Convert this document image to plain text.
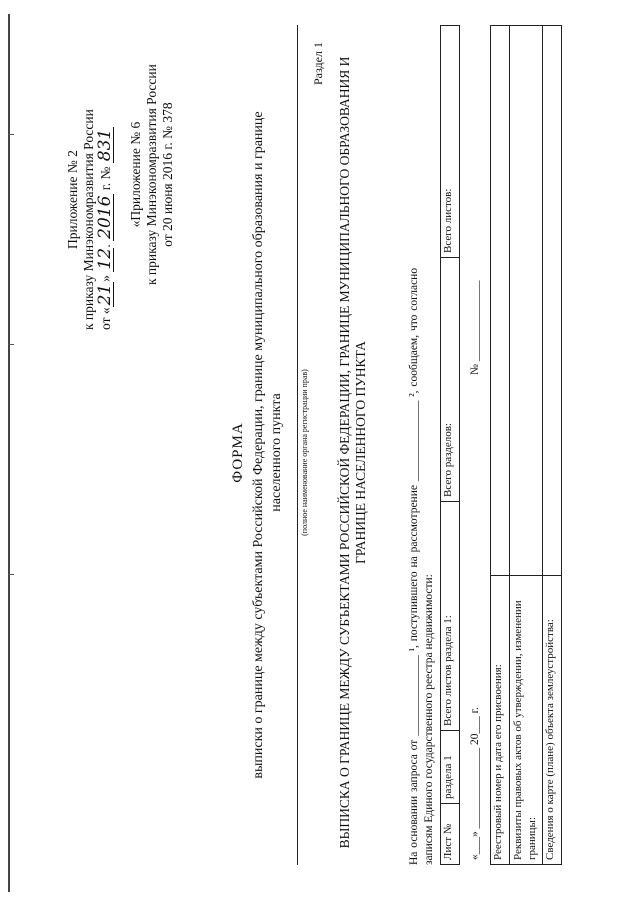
Приложение № 2 к приказу Минэкономразвития России от «21» 12. 2016 г. № 831 «Приложение № 6 к приказу Минэкономразвития России от 20 июня 2016 г. № 378
ФОРМА выписки о границе между субъектами Российской Федерации, границе муниципального образования и границе населенного пункта (полное наименование органа регистрации прав)
Раздел 1 ВЫПИСКА О ГРАНИЦЕ МЕЖДУ СУБЪЕКТАМИ РОССИЙСКОЙ ФЕДЕРАЦИИ, ГРАНИЦЕ МУНИЦИПАЛЬНОГО ОБРАЗОВАНИЯ И ГРАНИЦЕ НАСЕЛЕННОГО ПУНКТА	На основании запроса от ______________ ¹, поступившего на рассмотрение ______________ ², сообщаем, что согласно записям Единого государственного реестра недвижимости: Лист №	раздела 1	Всего листов раздела 1:	Всего разделов:	Всего листов:
«___» ______________ 20___ г.
№ ______________
Реестровый номер и дата его присвоения:	
Реквизиты правовых актов об утверждении, изменении границы:	
Сведения о карте (плане) объекта землеустройства:	
